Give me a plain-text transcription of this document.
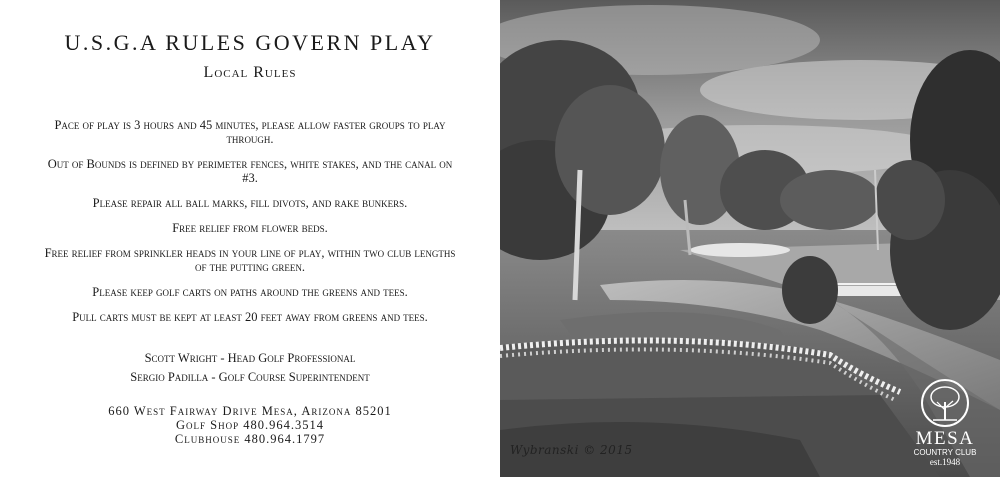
U.S.G.A RULES GOVERN PLAY
Local Rules
Pace of play is 3 hours and 45 minutes, please allow faster groups to play through.
Out of Bounds is defined by perimeter fences, white stakes, and the canal on #3.
Please repair all ball marks, fill divots, and rake bunkers.
Free relief from flower beds.
Free relief from sprinkler heads in your line of play, within two club lengths of the putting green.
Please keep golf carts on paths around the greens and tees.
Pull carts must be kept at least 20 feet away from greens and tees.
Scott Wright - Head Golf Professional
Sergio Padilla - Golf Course Superintendent
660 West Fairway Drive Mesa, Arizona 85201
Golf Shop 480.964.3514
Clubhouse 480.964.1797
Wybranski © 2015
MESA
COUNTRY CLUB
est.1948
